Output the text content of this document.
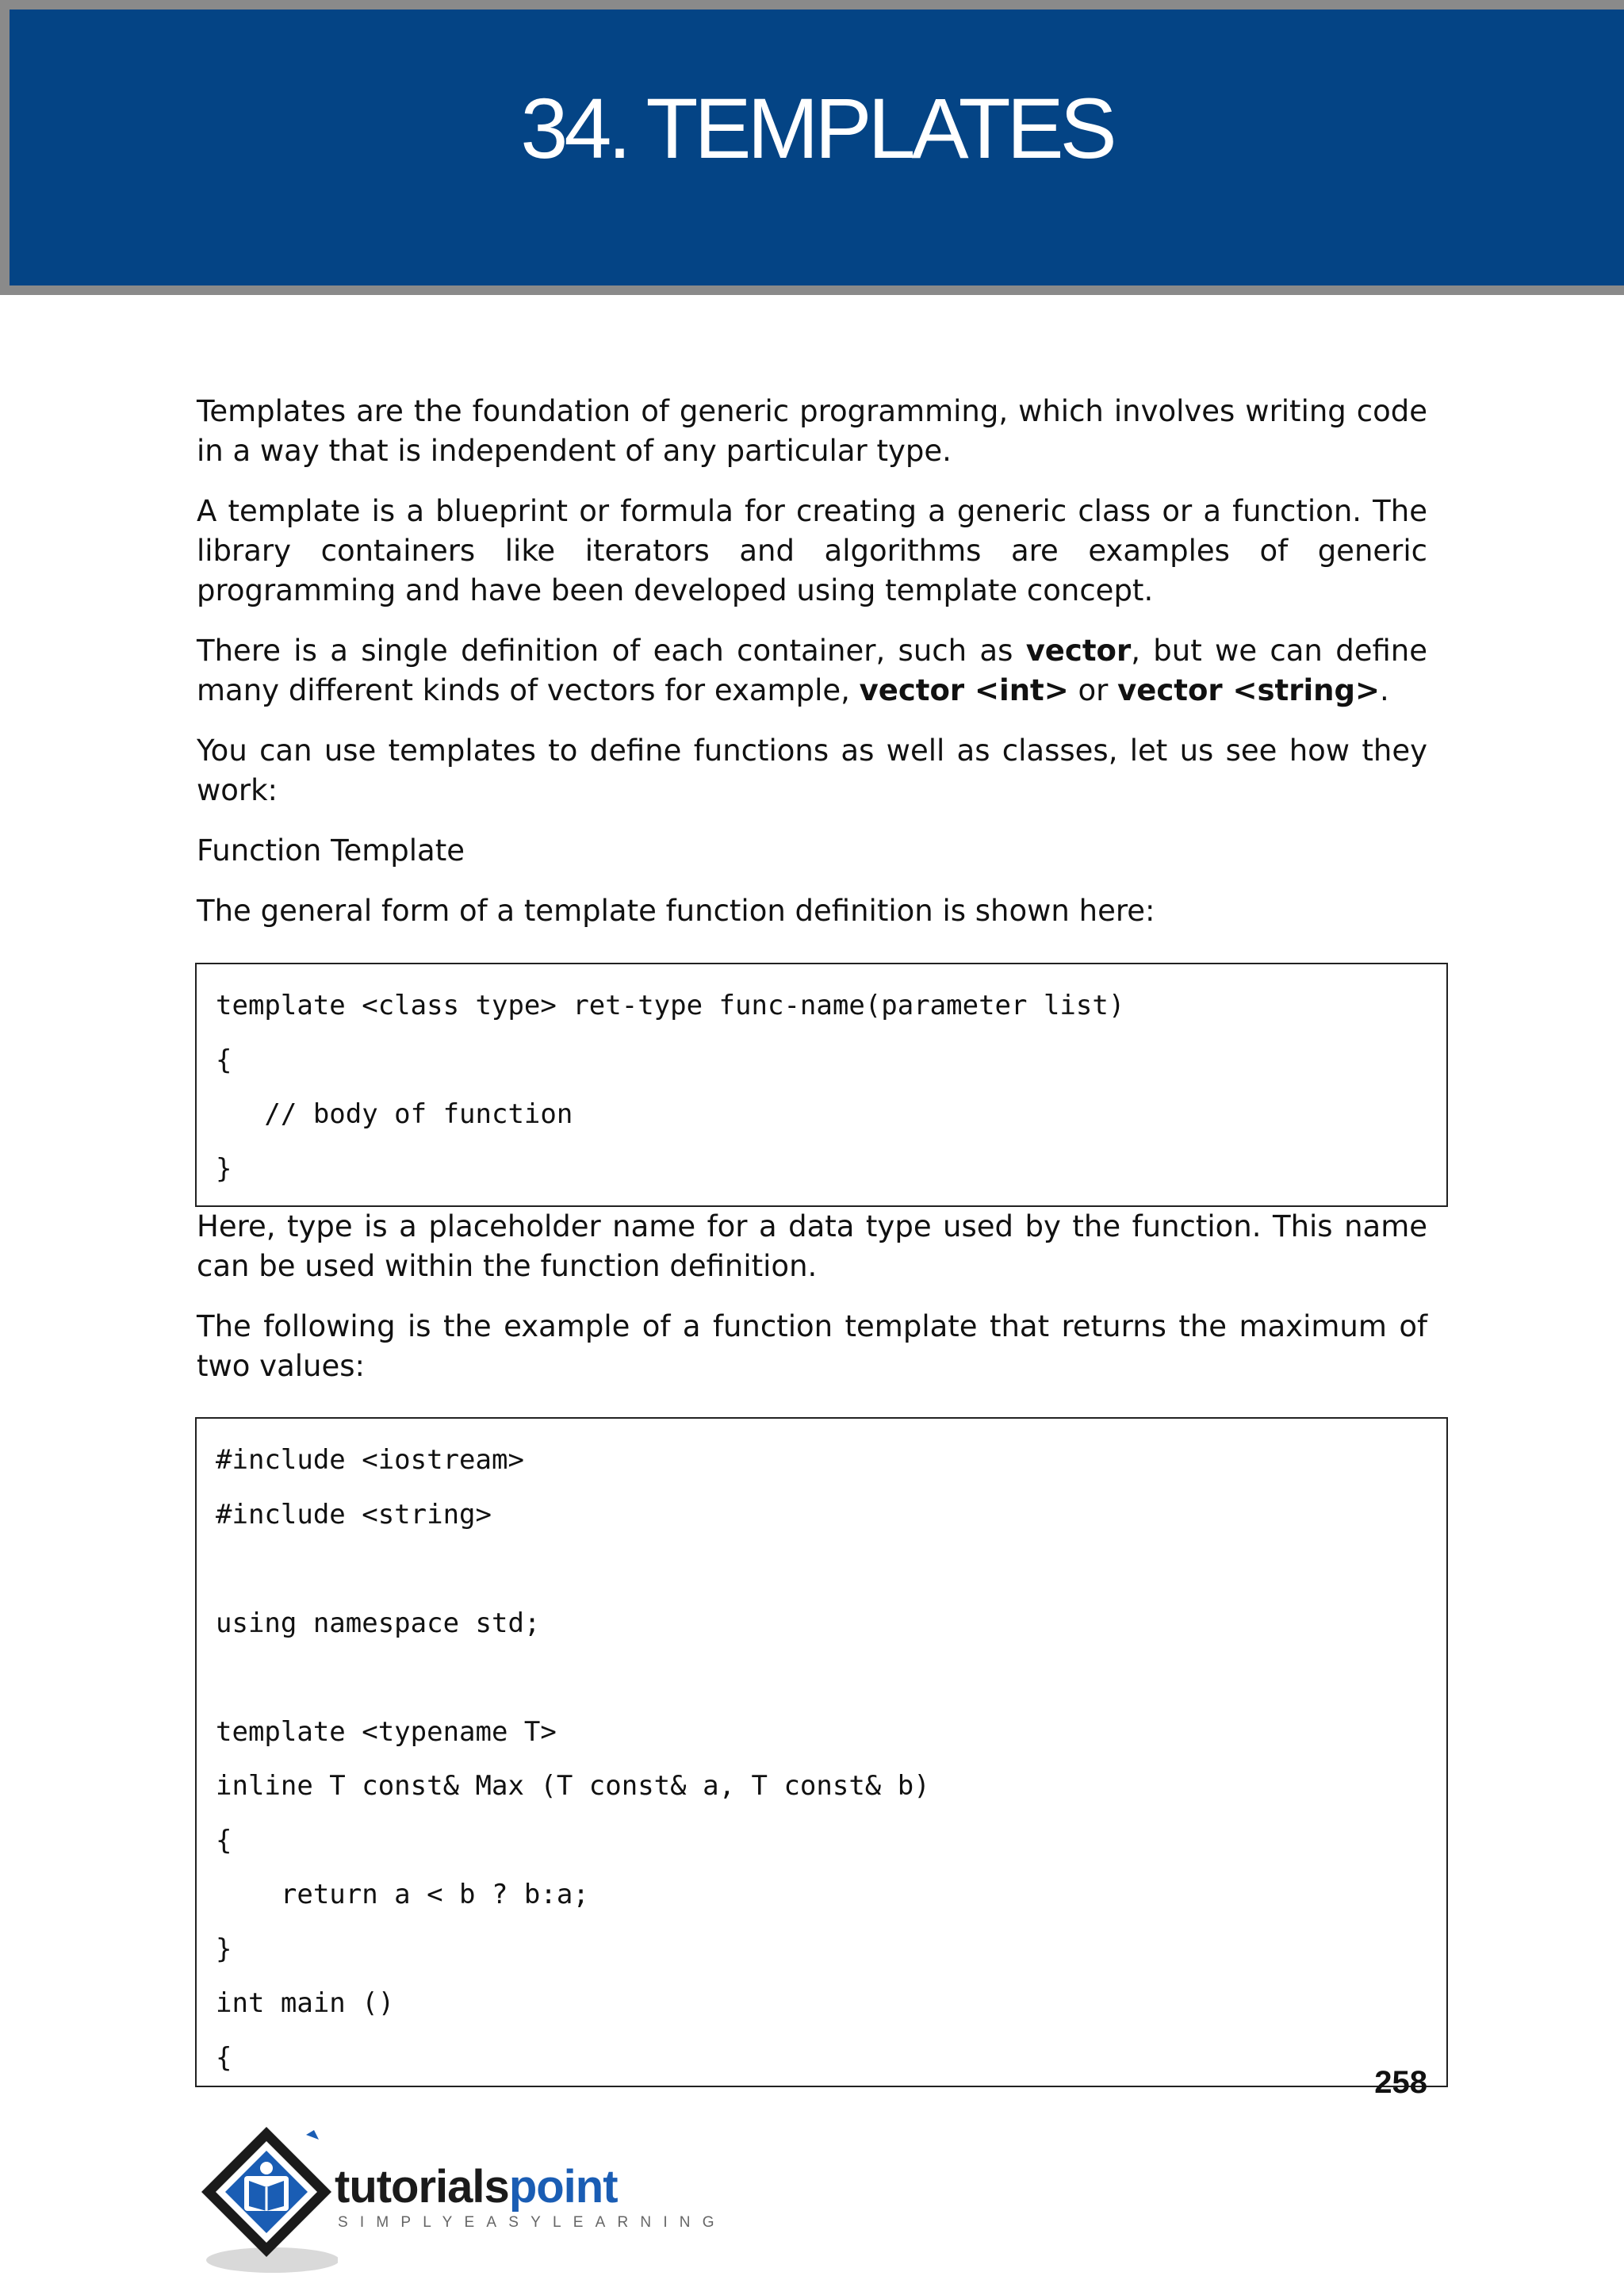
34. TEMPLATES

Templates are the foundation of generic programming, which involves writing code in a way that is independent of any particular type.

A template is a blueprint or formula for creating a generic class or a function. The library containers like iterators and algorithms are examples of generic programming and have been developed using template concept.

There is a single definition of each container, such as vector, but we can define many different kinds of vectors for example, vector <int> or vector <string>.

You can use templates to define functions as well as classes, let us see how they work:

Function Template

The general form of a template function definition is shown here:

template <class type> ret-type func-name(parameter list)
{
// body of function
}

Here, type is a placeholder name for a data type used by the function. This name can be used within the function definition.

The following is the example of a function template that returns the maximum of two values:

#include <iostream>
#include <string>
using namespace std;
template <typename T>
inline T const& Max (T const& a, T const& b)
{
return a < b ? b:a;
}
int main ()
{
258
tutorialspoint
SIMPLYEASYLEARNING
